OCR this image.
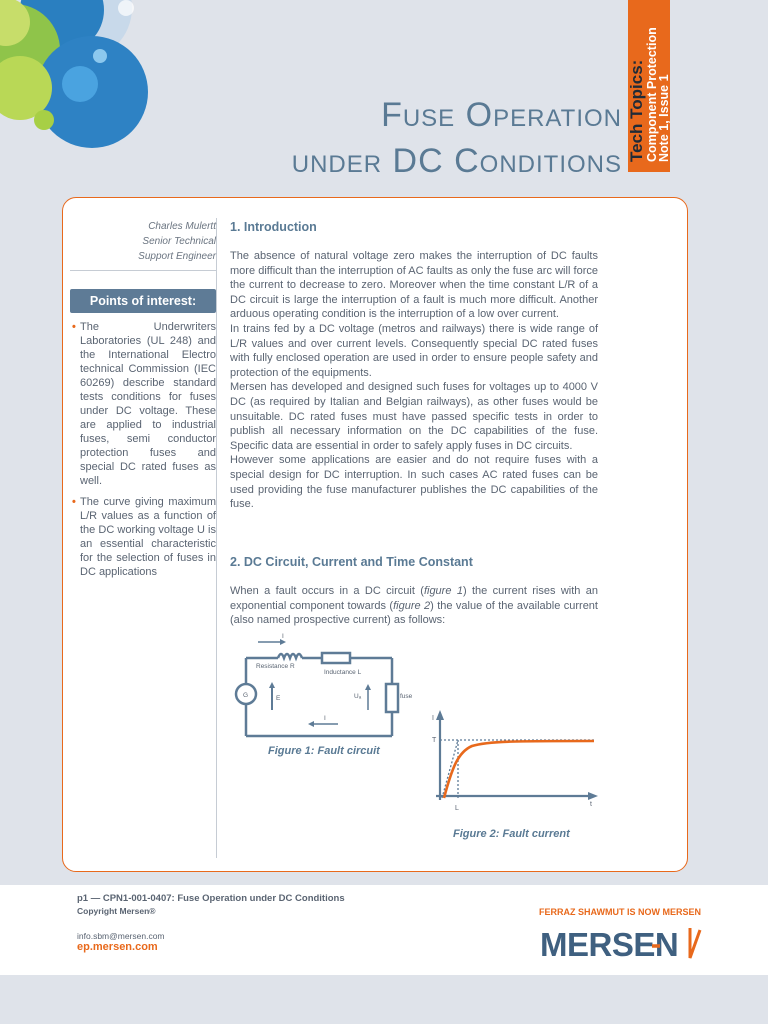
Fuse Operation
under DC Conditions Tech Topics: Component Protection
Note 1, Issue 1
Charles Mulertt
Senior Technical
Support Engineer
Points of interest:
• The Underwriters Laboratories (UL 248) and the International Electro technical Commission (IEC 60269) describe standard tests conditions for fuses under DC voltage. These are applied to industrial fuses, semi conductor protection fuses and special DC rated fuses as well.
• The curve giving maximum L/R values as a function of the DC working voltage U is an essential characteristic for the selection of fuses in DC applications
1. Introduction

The absence of natural voltage zero makes the interruption of DC faults more difficult than the interruption of AC faults as only the fuse arc will force the current to decrease to zero. Moreover when the time constant L/R of a DC circuit is large the interruption of a fault is much more difficult. Another arduous operating condition is the interruption of a low over current.

In trains fed by a DC voltage (metros and railways) there is wide range of L/R values and over current levels. Consequently special DC rated fuses with fully enclosed operation are used in order to ensure people safety and protection of the equipments.

Mersen has developed and designed such fuses for voltages up to 4000 V DC (as required by Italian and Belgian railways), as other fuses would be unsuitable. DC rated fuses must have passed specific tests in order to publish all necessary information on the DC capabilities of the fuse. Specific data are essential in order to safely apply fuses in DC circuits.

However some applications are easier and do not require fuses with a special design for DC interruption. In such cases AC rated fuses can be used providing the fuse manufacturer publishes the DC capabilities of the fuse.

2. DC Circuit, Current and Time Constant

When a fault occurs in a DC circuit (figure 1) the current rises with an exponential component towards (figure 2) the value of the available current (also named prospective current) as follows:

I
Resistance R
Inductance L
G	E	Uₐ	fuse
I
Figure 1: Fault circuit
I
T
L
t
Figure 2: Fault current
p1 — CPN1-001-0407: Fuse Operation under DC Conditions
Copyright Mersen®
info.sbm@mersen.com
ep.mersen.com
FERRAZ SHAWMUT IS NOW MERSEN
MERSEN
